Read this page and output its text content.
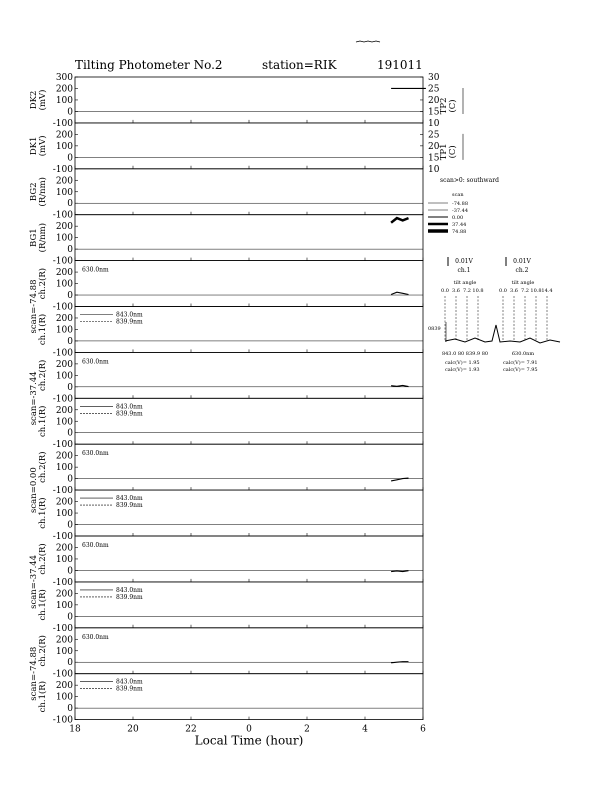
Tilting Photometer No.2	station=RIK	191011
300
200
100
0
-100
200
100
0
-100
200
100
0
-100
200
100
0
-100
200
100
0
-100
200
100
0
-100
200
100
0
-100
200
100
0
-100
200
100
0
-100
200
100
0
-100
200
100
0
-100
200
100
0
-100
200
100
0
-100
200
100
0
-100
30
25
20
15
10
25
20
15
10
DK2 (mV)
DK1 (mV)
BG2 (R/nm)
BG1 (R/nm)
ch.2(R)
ch.1(R)
scan=-74.88
ch.2(R)
ch.1(R)
scan=-37.44
ch.2(R)
ch.1(R)
scan=0.00
ch.2(R)
ch.1(R)
scan=-37.44
ch.2(R)
ch.1(R)
scan=-74.88
TP2 (C)
TP1 (C)
630.0nm
843.0nm
839.9nm
630.0nm
843.0nm
839.9nm
630.0nm
843.0nm
839.9nm
630.0nm
843.0nm
839.9nm
630.0nm
843.0nm
839.9nm
18	20	22	0	2	4	6
Local Time (hour)
scan>0: southward
scan
-74.88
-37.44
0.00
37.44
74.88
0.01V
ch.1
tilt angle
0.0 3.6 7.2 10.8
843.0 80 839.9 80
calc(V)= 1.95
calc(V)= 1.93
0.01V
ch.2
tilt angle
0.0 3.6 7.2 10.8 14.4
630.0nm
calc(V)= 7.91
calc(V)= 7.95
0839
